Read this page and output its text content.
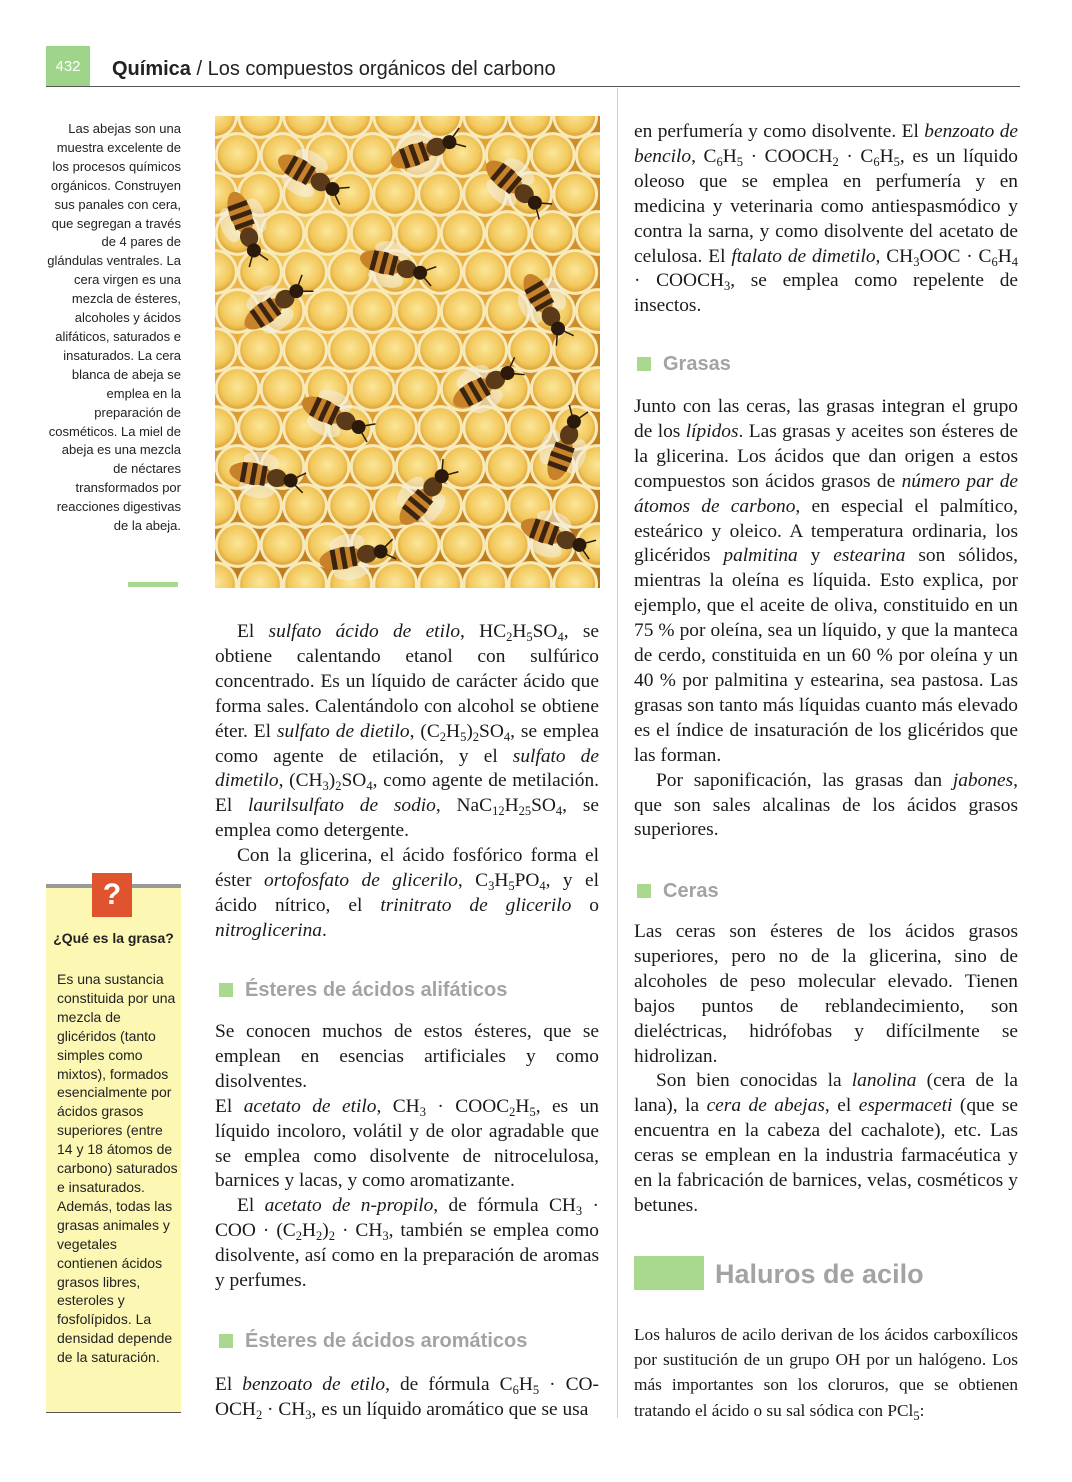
432	Química / Los compuestos orgánicos del carbono
Las abejas son una muestra excelente de los procesos químicos orgánicos. Construyen sus panales con cera, que segregan a través de 4 pares de glándulas ventrales. La cera virgen es una mezcla de ésteres, alcoholes y ácidos alifáticos, saturados e insaturados. La cera blanca de abeja se emplea en la preparación de cosméticos. La miel de abeja es una mezcla de néctares transformados por reacciones digestivas de la abeja.
?
¿Qué es la grasa?
Es una sustancia constituida por una mezcla de glicéridos (tanto simples como mixtos), formados esencialmente por ácidos grasos superiores (entre 14 y 18 átomos de carbono) saturados e insaturados. Además, todas las grasas animales y vegetales contienen ácidos grasos libres, esteroles y fosfolípidos. La densidad depende de la saturación.

El sulfato ácido de etilo, $HC_2H_5SO_4$, se obtiene calentando etanol con sulfúrico concentrado. Es un líquido de carácter ácido que forma sales. Calentándolo con alcohol se obtiene éter. El sulfato de dietilo, $(C_2H_5)_2SO_4$, se emplea como agente de etilación, y el sulfato de dimetilo, $(CH_3)_2SO_4$, como agente de metilación. El laurilsulfato de sodio, $NaC_{12}H_{25}SO_4$, se emplea como detergente.

Con la glicerina, el ácido fosfórico forma el éster ortofosfato de glicerilo, $C_3H_5PO_4$, y el ácido nítrico, el trinitrato de glicerilo o nitroglicerina.

Ésteres de ácidos alifáticos

Se conocen muchos de estos ésteres, que se emplean en esencias artificiales y como disolventes.

El acetato de etilo, $CH_3$ · $COOC_2H_5$, es un líquido incoloro, volátil y de olor agradable que se emplea como disolvente de nitrocelulosa, barnices y lacas, y como aromatizante.

El acetato de n-propilo, de fórmula $CH_3$ · COO · $(C_2H_2)_2 \cdot CH_3$, también se emplea como disolvente, así como en la preparación de aromas y perfumes.

Ésteres de ácidos aromáticos

El benzoato de etilo, de fórmula $C_6H_5 \cdot CO-OCH_2 \cdot CH_3$, es un líquido aromático que se usa

en perfumería y como disolvente. El benzoato de bencilo, $C_6H_5$ · $COOCH_2 \cdot C_6H_5$, es un líquido oleoso que se emplea en perfumería y en medicina y veterinaria como antiespasmódico y contra la sarna, y como disolvente del acetato de celulosa. El ftalato de dimetilo, $CH_3OOC \cdot C_6H_4$ · $COOCH_3$, se emplea como repelente de insectos.

Grasas

Junto con las ceras, las grasas integran el grupo de los lípidos. Las grasas y aceites son ésteres de la glicerina. Los ácidos que dan origen a estos compuestos son ácidos grasos de número par de átomos de carbono, en especial el palmítico, esteárico y oleico. A temperatura ordinaria, los glicéridos palmitina y estearina son sólidos, mientras la oleína es líquida. Esto explica, por ejemplo, que el aceite de oliva, constituido en un 75 % por oleína, sea un líquido, y que la manteca de cerdo, constituida en un 60 % por oleína y un 40 % por palmitina y estearina, sea pastosa. Las grasas son tanto más líquidas cuanto más elevado es el índice de insaturación de los glicéridos que las forman.

Por saponificación, las grasas dan jabones, que son sales alcalinas de los ácidos grasos superiores.

Ceras

Las ceras son ésteres de los ácidos grasos superiores, pero no de la glicerina, sino de alcoholes de peso molecular elevado. Tienen bajos puntos de reblandecimiento, son dieléctricas, hidrófobas y difícilmente se hidrolizan.

Son bien conocidas la lanolina (cera de la lana), la cera de abejas, el espermaceti (que se encuentra en la cabeza del cachalote), etc. Las ceras se emplean en la industria farmacéutica y en la fabricación de barnices, velas, cosméticos y betunes.

Haluros de acilo

Los haluros de acilo derivan de los ácidos carboxílicos por sustitución de un grupo OH por un halógeno. Los más importantes son los cloruros, que se obtienen tratando el ácido o su sal sódica con PCl$_5$:
